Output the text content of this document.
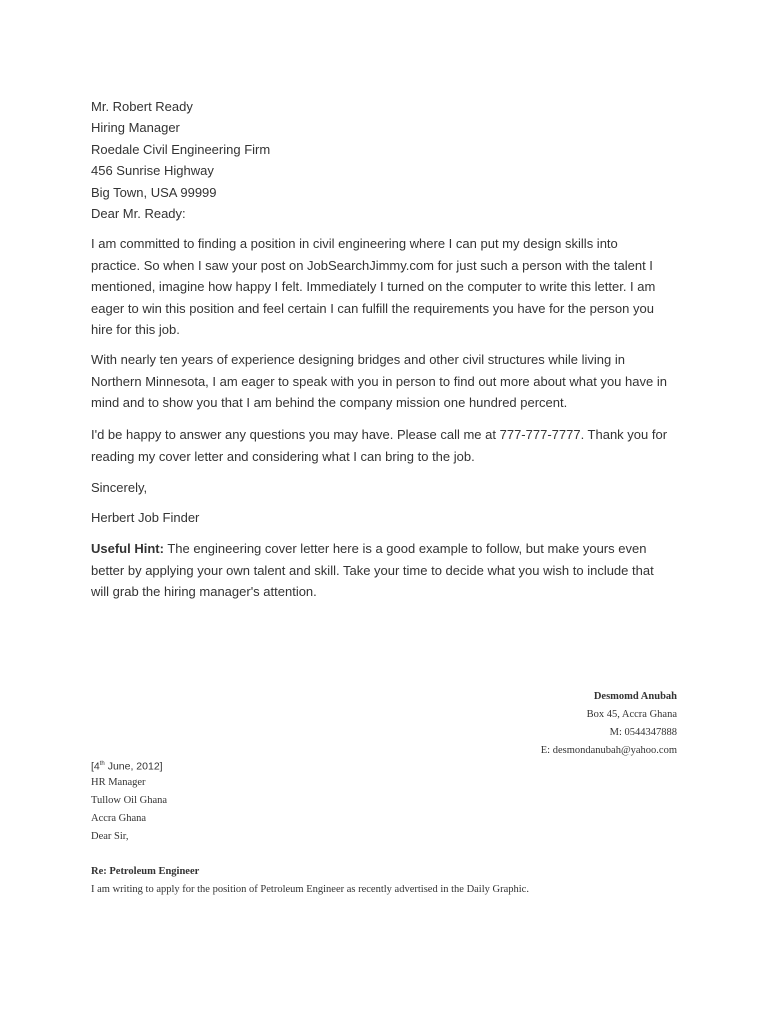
Mr. Robert Ready
Hiring Manager
Roedale Civil Engineering Firm
456 Sunrise Highway
Big Town, USA 99999
Dear Mr. Ready:

I am committed to finding a position in civil engineering where I can put my design skills into
practice. So when I saw your post on JobSearchJimmy.com for just such a person with the talent I
mentioned, imagine how happy I felt. Immediately I turned on the computer to write this letter. I am
eager to win this position and feel certain I can fulfill the requirements you have for the person you
hire for this job.

With nearly ten years of experience designing bridges and other civil structures while living in
Northern Minnesota, I am eager to speak with you in person to find out more about what you have in
mind and to show you that I am behind the company mission one hundred percent.

I'd be happy to answer any questions you may have. Please call me at 777-777-7777. Thank you for
reading my cover letter and considering what I can bring to the job.

Sincerely,

Herbert Job Finder

Useful Hint: The engineering cover letter here is a good example to follow, but make yours even
better by applying your own talent and skill. Take your time to decide what you wish to include that
will grab the hiring manager's attention.

Desmomd Anubah
Box 45, Accra Ghana
M: 0544347888
E: desmondanubah@yahoo.com
[4th June, 2012]
HR Manager
Tullow Oil Ghana
Accra Ghana
Dear Sir,
Re: Petroleum Engineer
I am writing to apply for the position of Petroleum Engineer as recently advertised in the Daily Graphic.
